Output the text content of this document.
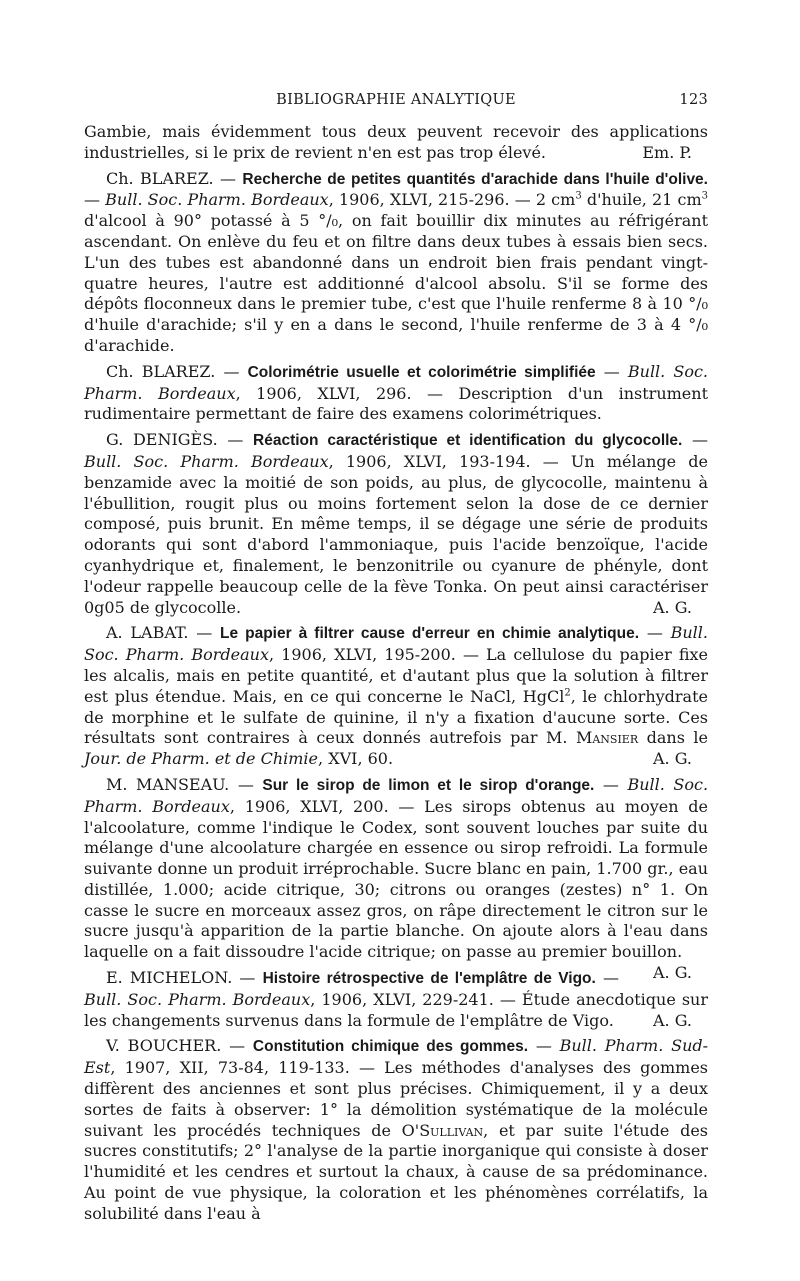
BIBLIOGRAPHIE ANALYTIQUE	123

Gambie, mais évidemment tous deux peuvent recevoir des applications industrielles, si le prix de revient n'en est pas trop élevé.	Em. P.

Ch. BLAREZ. — Recherche de petites quantités d'arachide dans l'huile d'olive. — Bull. Soc. Pharm. Bordeaux, 1906, XLVI, 215-296. — 2 $cm^3$ d'huile, 21 $cm^3$ d'alcool à 90° potassé à 5 °/₀, on fait bouillir dix minutes au réfrigérant ascendant. On enlève du feu et on filtre dans deux tubes à essais bien secs. L'un des tubes est abandonné dans un endroit bien frais pendant vingt-quatre heures, l'autre est additionné d'alcool absolu. S'il se forme des dépôts floconneux dans le premier tube, c'est que l'huile renferme 8 à 10 °/₀ d'huile d'arachide; s'il y en a dans le second, l'huile renferme de 3 à 4 °/₀ d'arachide.

Ch. BLAREZ. — Colorimétrie usuelle et colorimétrie simplifiée — Bull. Soc. Pharm. Bordeaux, 1906, XLVI, 296. — Description d'un instrument rudimentaire permettant de faire des examens colorimétriques.

G. DENIGÈS. — Réaction caractéristique et identification du glycocolle. — Bull. Soc. Pharm. Bordeaux, 1906, XLVI, 193-194. — Un mélange de benzamide avec la moitié de son poids, au plus, de glycocolle, maintenu à l'ébullition, rougit plus ou moins fortement selon la dose de ce dernier composé, puis brunit. En même temps, il se dégage une série de produits odorants qui sont d'abord l'ammoniaque, puis l'acide benzoïque, l'acide cyanhydrique et, finalement, le benzonitrile ou cyanure de phényle, dont l'odeur rappelle beaucoup celle de la fève Tonka. On peut ainsi caractériser 0g05 de glycocolle.	A. G.

A. LABAT. — Le papier à filtrer cause d'erreur en chimie analytique. — Bull. Soc. Pharm. Bordeaux, 1906, XLVI, 195-200. — La cellulose du papier fixe les alcalis, mais en petite quantité, et d'autant plus que la solution à filtrer est plus étendue. Mais, en ce qui concerne le NaCl, HgCl$^2$, le chlorhydrate de morphine et le sulfate de quinine, il n'y a fixation d'aucune sorte. Ces résultats sont contraires à ceux donnés autrefois par M. Mansier dans le Jour. de Pharm. et de Chimie, XVI, 60.	A. G.

M. MANSEAU. — Sur le sirop de limon et le sirop d'orange. — Bull. Soc. Pharm. Bordeaux, 1906, XLVI, 200. — Les sirops obtenus au moyen de l'alcoolature, comme l'indique le Codex, sont souvent louches par suite du mélange d'une alcoolature chargée en essence ou sirop refroidi. La formule suivante donne un produit irréprochable. Sucre blanc en pain, 1.700 gr., eau distillée, 1.000; acide citrique, 30; citrons ou oranges (zestes) n° 1. On casse le sucre en morceaux assez gros, on râpe directement le citron sur le sucre jusqu'à apparition de la partie blanche. On ajoute alors à l'eau dans laquelle on a fait dissoudre l'acide citrique; on passe au premier bouillon.
A. G.

E. MICHELON. — Histoire rétrospective de l'emplâtre de Vigo. — Bull. Soc. Pharm. Bordeaux, 1906, XLVI, 229-241. — Étude anecdotique sur les changements survenus dans la formule de l'emplâtre de Vigo.	A. G.

V. BOUCHER. — Constitution chimique des gommes. — Bull. Pharm. Sud-Est, 1907, XII, 73-84, 119-133. — Les méthodes d'analyses des gommes diffèrent des anciennes et sont plus précises. Chimiquement, il y a deux sortes de faits à observer: 1° la démolition systématique de la molécule suivant les procédés techniques de O'Sullivan, et par suite l'étude des sucres constitutifs; 2° l'analyse de la partie inorganique qui consiste à doser l'humidité et les cendres et surtout la chaux, à cause de sa prédominance. Au point de vue physique, la coloration et les phénomènes corrélatifs, la solubilité dans l'eau à
